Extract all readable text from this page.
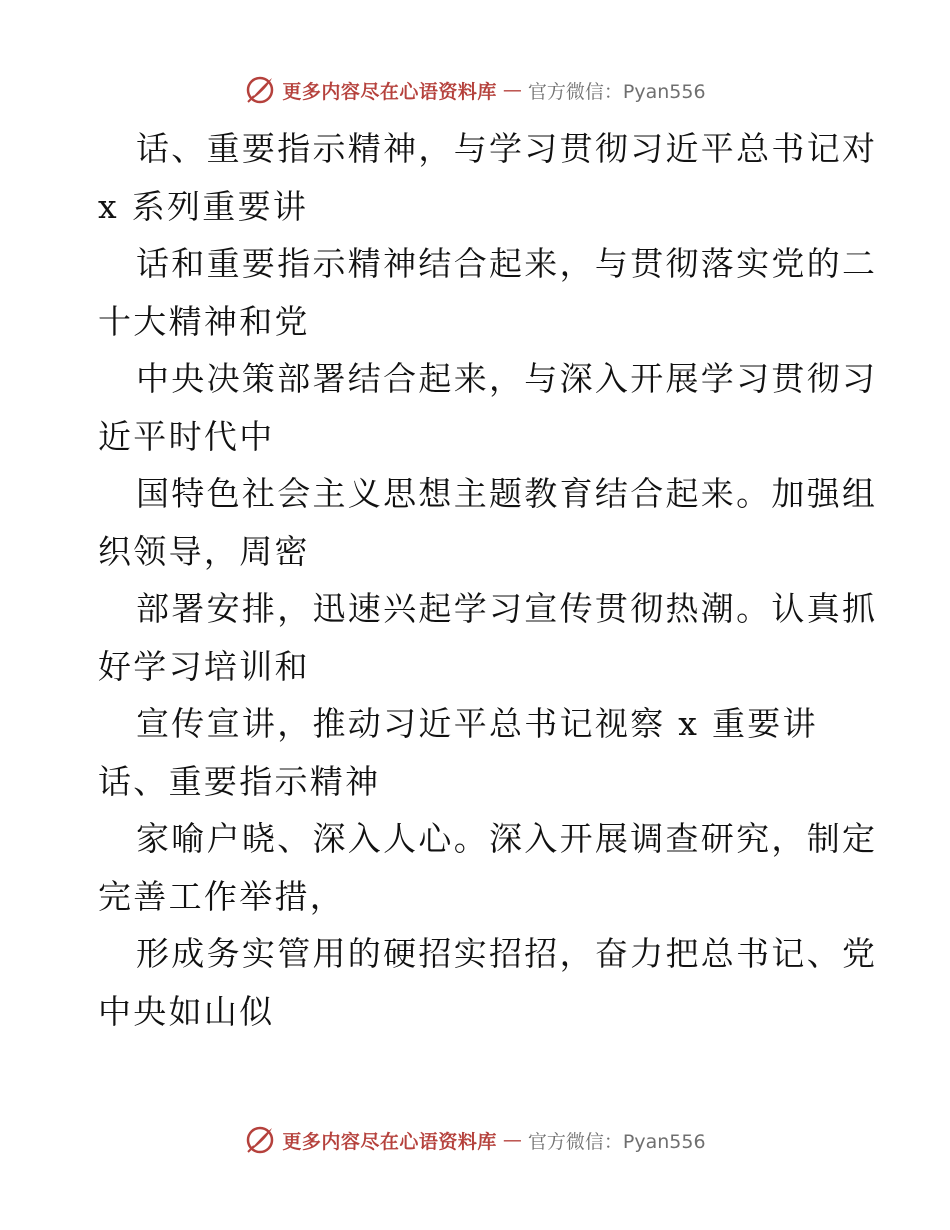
更多内容尽在心语资料库 — 官方微信：Pyan556

话、重要指示精神，与学习贯彻习近平总书记对

x 系列重要讲

话和重要指示精神结合起来，与贯彻落实党的二

十大精神和党

中央决策部署结合起来，与深入开展学习贯彻习

近平时代中

国特色社会主义思想主题教育结合起来。加强组

织领导，周密

部署安排，迅速兴起学习宣传贯彻热潮。认真抓

好学习培训和

宣传宣讲，推动习近平总书记视察 x 重要讲

话、重要指示精神

家喻户晓、深入人心。深入开展调查研究，制定

完善工作举措，

形成务实管用的硬招实招招，奋力把总书记、党

中央如山似

更多内容尽在心语资料库 — 官方微信：Pyan556
